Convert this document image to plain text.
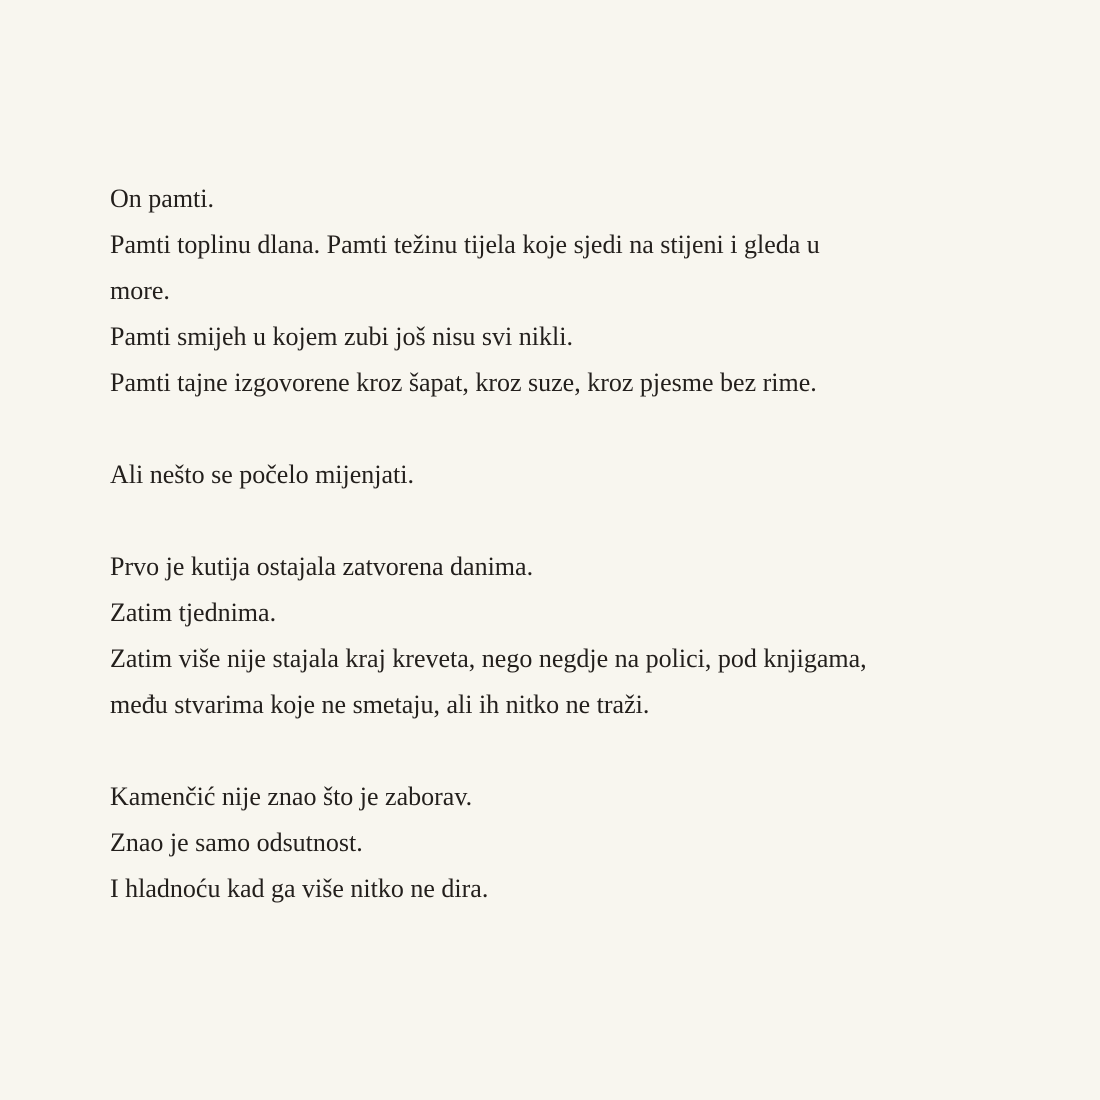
On pamti.
Pamti toplinu dlana. Pamti težinu tijela koje sjedi na stijeni i gleda u
more.
Pamti smijeh u kojem zubi još nisu svi nikli.
Pamti tajne izgovorene kroz šapat, kroz suze, kroz pjesme bez rime.
Ali nešto se počelo mijenjati.
Prvo je kutija ostajala zatvorena danima.
Zatim tjednima.
Zatim više nije stajala kraj kreveta, nego negdje na polici, pod knjigama,
među stvarima koje ne smetaju, ali ih nitko ne traži.
Kamenčić nije znao što je zaborav.
Znao je samo odsutnost.
I hladnoću kad ga više nitko ne dira.
